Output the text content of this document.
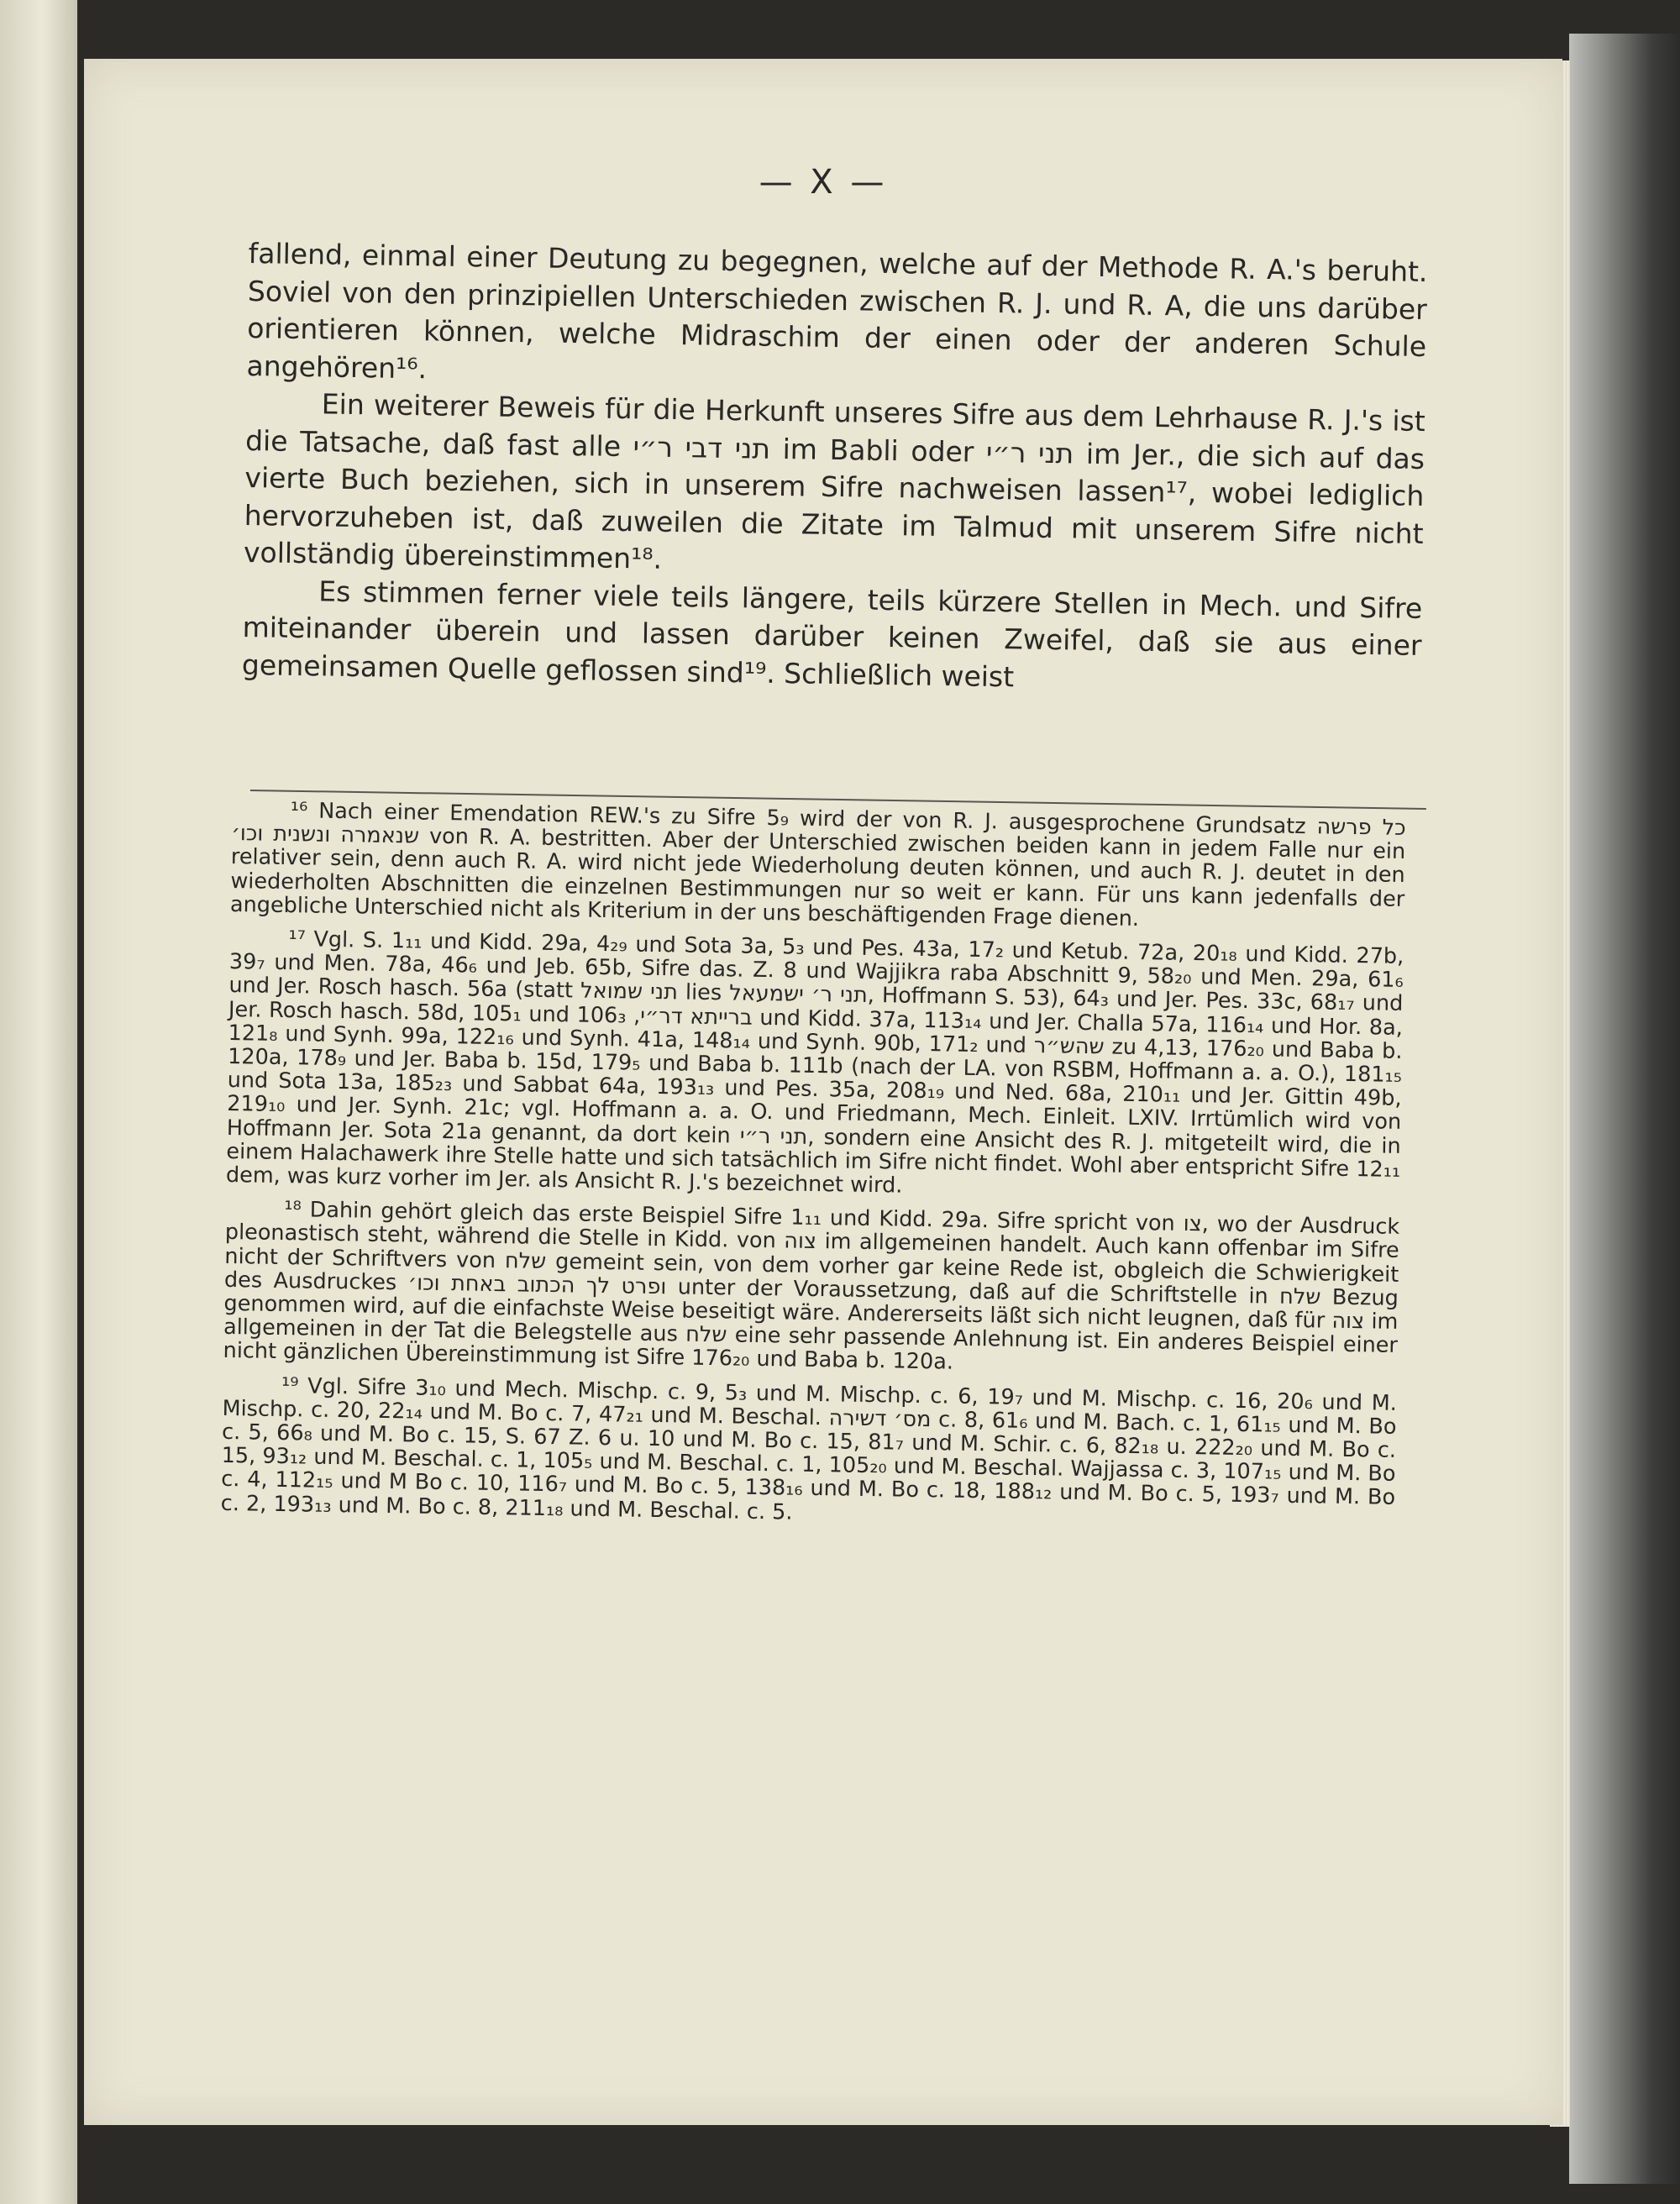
— X —

fallend, einmal einer Deutung zu begegnen, welche auf der Methode R. A.'s beruht. Soviel von den prinzipiellen Unterschieden zwischen R. J. und R. A, die uns darüber orientieren können, welche Midraschim der einen oder der anderen Schule angehören¹⁶.

Ein weiterer Beweis für die Herkunft unseres Sifre aus dem Lehrhause R. J.'s ist die Tatsache, daß fast alle תני דבי ר״י im Babli oder תני ר״י im Jer., die sich auf das vierte Buch beziehen, sich in unserem Sifre nachweisen lassen¹⁷, wobei lediglich hervorzuheben ist, daß zuweilen die Zitate im Talmud mit unserem Sifre nicht vollständig übereinstimmen¹⁸.

Es stimmen ferner viele teils längere, teils kürzere Stellen in Mech. und Sifre miteinander überein und lassen darüber keinen Zweifel, daß sie aus einer gemeinsamen Quelle geflossen sind¹⁹. Schließlich weist

¹⁶ Nach einer Emendation REW.'s zu Sifre 5₉ wird der von R. J. ausgesprochene Grundsatz כל פרשה שנאמרה ונשנית וכו׳ von R. A. bestritten. Aber der Unterschied zwischen beiden kann in jedem Falle nur ein relativer sein, denn auch R. A. wird nicht jede Wiederholung deuten können, und auch R. J. deutet in den wiederholten Abschnitten die einzelnen Bestimmungen nur so weit er kann. Für uns kann jedenfalls der angebliche Unterschied nicht als Kriterium in der uns beschäftigenden Frage dienen.

¹⁷ Vgl. S. 1₁₁ und Kidd. 29a, 4₂₉ und Sota 3a, 5₃ und Pes. 43a, 17₂ und Ketub. 72a, 20₁₈ und Kidd. 27b, 39₇ und Men. 78a, 46₆ und Jeb. 65b, Sifre das. Z. 8 und Wajjikra raba Abschnitt 9, 58₂₀ und Men. 29a, 61₆ und Jer. Rosch hasch. 56a (statt תני שמואל lies תני ר׳ ישמעאל, Hoffmann S. 53), 64₃ und Jer. Pes. 33c, 68₁₇ und Jer. Rosch hasch. 58d, 105₁ und ברייתא דר״י, 106₃ und Kidd. 37a, 113₁₄ und Jer. Challa 57a, 116₁₄ und Hor. 8a, 121₈ und Synh. 99a, 122₁₆ und Synh. 41a, 148₁₄ und Synh. 90b, 171₂ und שהש״ר zu 4,13, 176₂₀ und Baba b. 120a, 178₉ und Jer. Baba b. 15d, 179₅ und Baba b. 111b (nach der LA. von RSBM, Hoffmann a. a. O.), 181₁₅ und Sota 13a, 185₂₃ und Sabbat 64a, 193₁₃ und Pes. 35a, 208₁₉ und Ned. 68a, 210₁₁ und Jer. Gittin 49b, 219₁₀ und Jer. Synh. 21c; vgl. Hoffmann a. a. O. und Friedmann, Mech. Einleit. LXIV. Irrtümlich wird von Hoffmann Jer. Sota 21a genannt, da dort kein תני ר״י, sondern eine Ansicht des R. J. mitgeteilt wird, die in einem Halachawerk ihre Stelle hatte und sich tatsächlich im Sifre nicht findet. Wohl aber entspricht Sifre 12₁₁ dem, was kurz vorher im Jer. als Ansicht R. J.'s bezeichnet wird.

¹⁸ Dahin gehört gleich das erste Beispiel Sifre 1₁₁ und Kidd. 29a. Sifre spricht von צו, wo der Ausdruck pleonastisch steht, während die Stelle in Kidd. von צוה im allgemeinen handelt. Auch kann offenbar im Sifre nicht der Schriftvers von שלח gemeint sein, von dem vorher gar keine Rede ist, obgleich die Schwierigkeit des Ausdruckes ופרט לך הכתוב באחת וכו׳ unter der Voraussetzung, daß auf die Schriftstelle in שלח Bezug genommen wird, auf die einfachste Weise beseitigt wäre. Andererseits läßt sich nicht leugnen, daß für צוה im allgemeinen in der Tat die Belegstelle aus שלח eine sehr passende Anlehnung ist. Ein anderes Beispiel einer nicht gänzlichen Übereinstimmung ist Sifre 176₂₀ und Baba b. 120a.

¹⁹ Vgl. Sifre 3₁₀ und Mech. Mischp. c. 9, 5₃ und M. Mischp. c. 6, 19₇ und M. Mischp. c. 16, 20₆ und M. Mischp. c. 20, 22₁₄ und M. Bo c. 7, 47₂₁ und M. Beschal. מס׳ דשירה c. 8, 61₆ und M. Bach. c. 1, 61₁₅ und M. Bo c. 5, 66₈ und M. Bo c. 15, S. 67 Z. 6 u. 10 und M. Bo c. 15, 81₇ und M. Schir. c. 6, 82₁₈ u. 222₂₀ und M. Bo c. 15, 93₁₂ und M. Beschal. c. 1, 105₅ und M. Beschal. c. 1, 105₂₀ und M. Beschal. Wajjassa c. 3, 107₁₅ und M. Bo c. 4, 112₁₅ und M Bo c. 10, 116₇ und M. Bo c. 5, 138₁₆ und M. Bo c. 18, 188₁₂ und M. Bo c. 5, 193₇ und M. Bo c. 2, 193₁₃ und M. Bo c. 8, 211₁₈ und M. Beschal. c. 5.
